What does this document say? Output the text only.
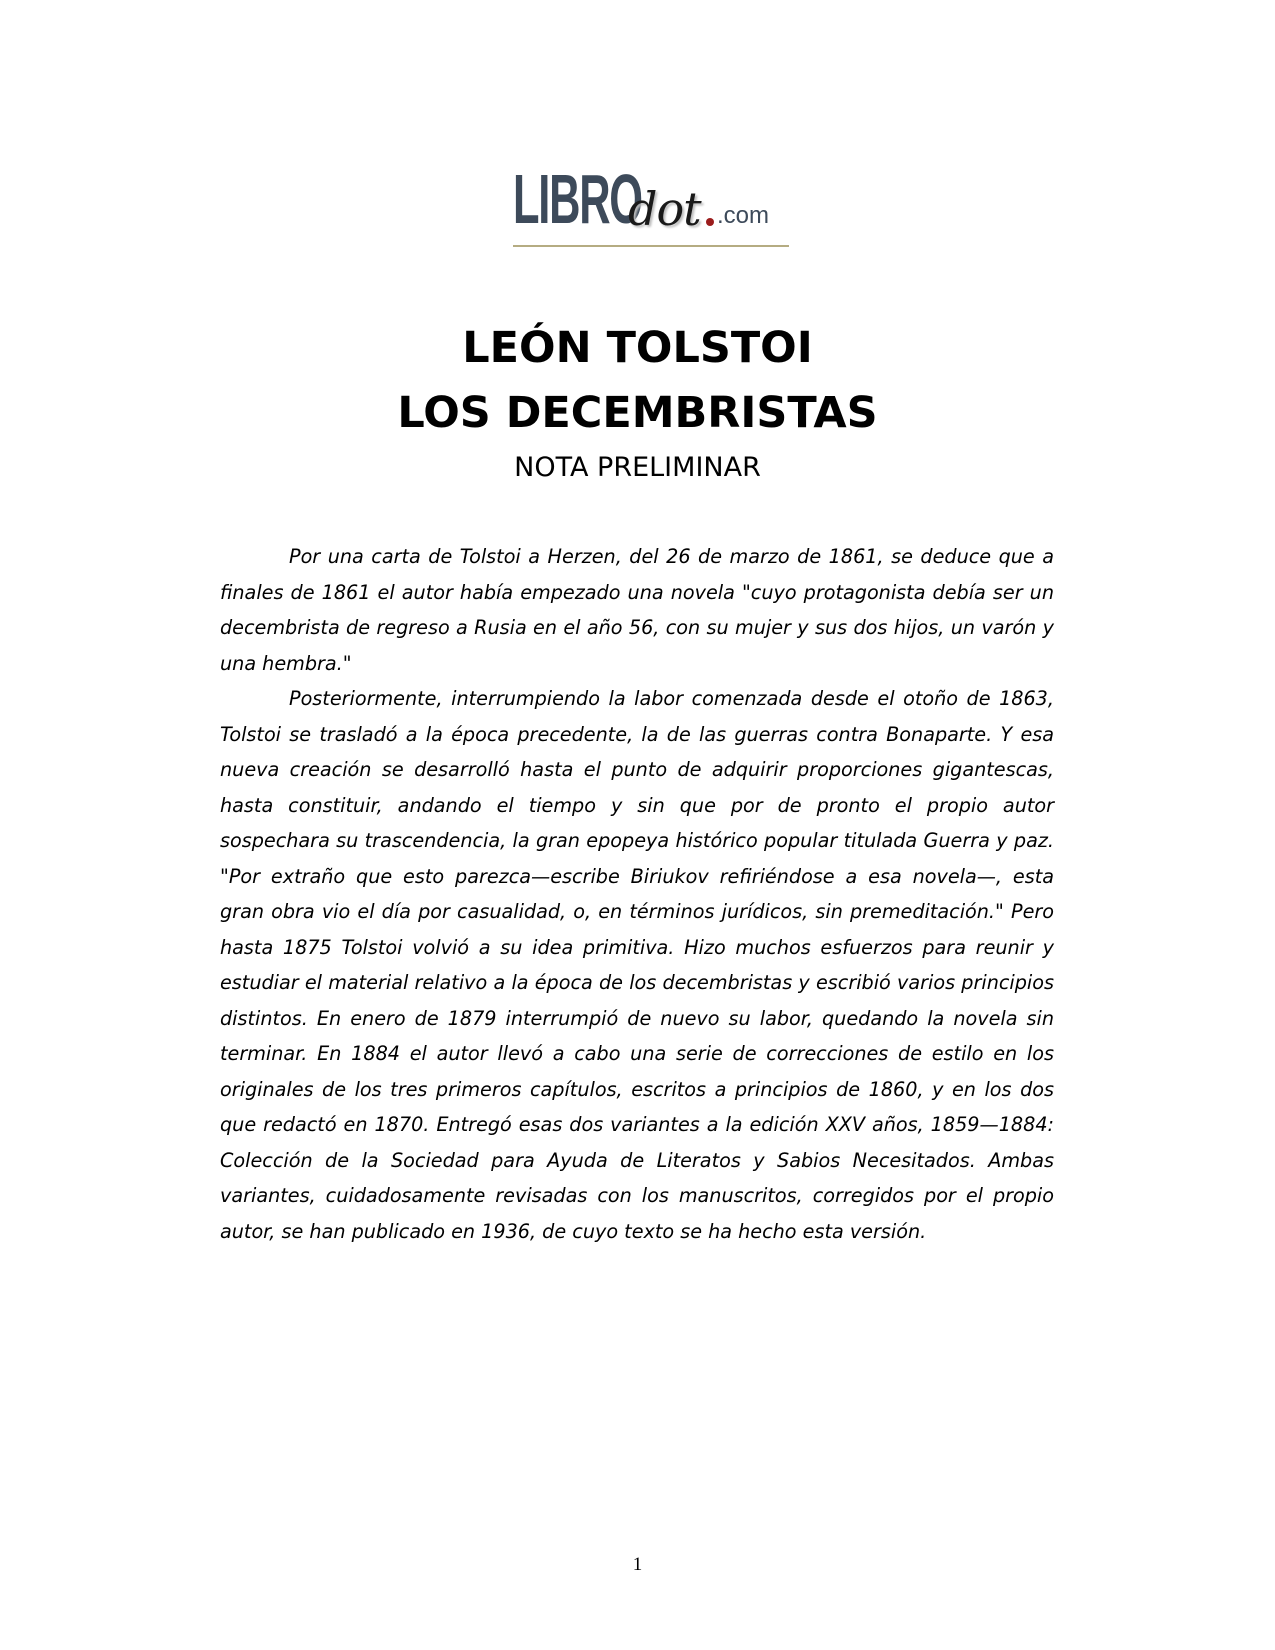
LIBRO
dot .com
LEÓN TOLSTOI
LOS DECEMBRISTAS
NOTA PRELIMINAR

Por una carta de Tolstoi a Herzen, del 26 de marzo de 1861, se deduce que a finales de 1861 el autor había empezado una novela "cuyo protagonista debía ser un decembrista de regreso a Rusia en el año 56, con su mujer y sus dos hijos, un varón y una hembra."

Posteriormente, interrumpiendo la labor comenzada desde el otoño de 1863, Tolstoi se trasladó a la época precedente, la de las guerras contra Bonaparte. Y esa nueva creación se desarrolló hasta el punto de adquirir proporciones gigantescas, hasta constituir, andando el tiempo y sin que por de pronto el propio autor sospechara su trascendencia, la gran epopeya histórico popular titulada Guerra y paz. "Por extraño que esto parezca—escribe Biriukov refiriéndose a esa novela—, esta gran obra vio el día por casualidad, o, en términos jurídicos, sin premeditación." Pero hasta 1875 Tolstoi volvió a su idea primitiva. Hizo muchos esfuerzos para reunir y estudiar el material relativo a la época de los decembristas y escribió varios principios distintos. En enero de 1879 interrumpió de nuevo su labor, quedando la novela sin terminar. En 1884 el autor llevó a cabo una serie de correcciones de estilo en los originales de los tres primeros capítulos, escritos a principios de 1860, y en los dos que redactó en 1870. Entregó esas dos variantes a la edición XXV años, 1859—1884: Colección de la Sociedad para Ayuda de Literatos y Sabios Necesitados. Ambas variantes, cuidadosamente revisadas con los manuscritos, corregidos por el propio autor, se han publicado en 1936, de cuyo texto se ha hecho esta versión.

1
